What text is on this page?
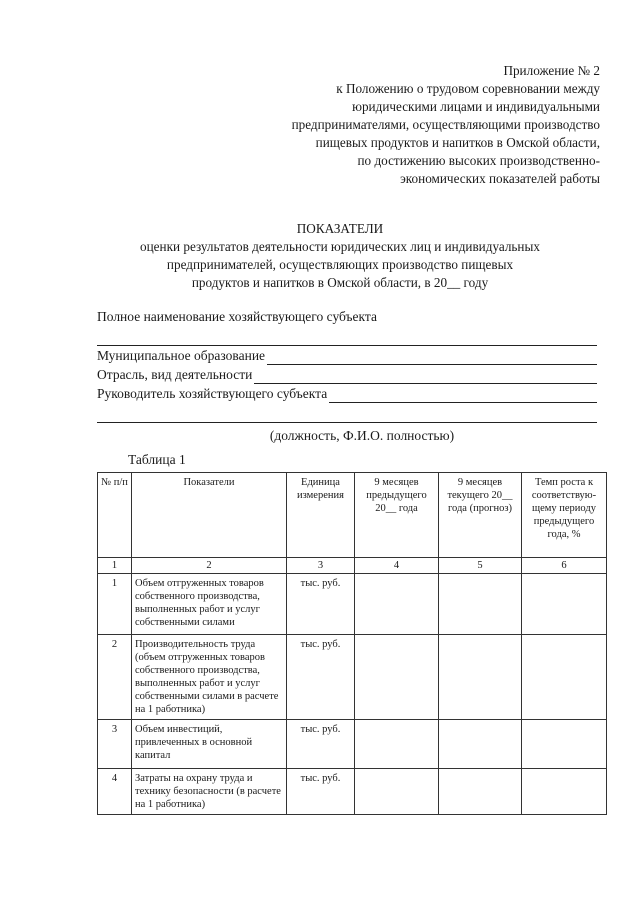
Приложение № 2
к Положению о трудовом соревновании между
юридическими лицами и индивидуальными
предпринимателями, осуществляющими производство
пищевых продуктов и напитков в Омской области,
по достижению высоких производственно-
экономических показателей работы
ПОКАЗАТЕЛИ
оценки результатов деятельности юридических лиц и индивидуальных
предпринимателей, осуществляющих производство пищевых
продуктов и напитков в Омской области, в 20__ году
Полное наименование хозяйствующего субъекта
Муниципальное образование
Отрасль, вид деятельности
Руководитель хозяйствующего субъекта
(должность, Ф.И.О. полностью)
Таблица 1
№ п/п	Показатели	Единица измерения	9 месяцев предыдущего 20__ года	9 месяцев текущего 20__ года (прогноз)	Темп роста к соответствую-щему периоду предыдущего года, %
1	2	3	4	5	6
1	Объем отгруженных товаров собственного производства, выполненных работ и услуг собственными силами	тыс. руб.			
2	Производительность труда (объем отгруженных товаров собственного производства, выполненных работ и услуг собственными силами в расчете на 1 работника)	тыс. руб.			
3	Объем инвестиций, привлеченных в основной капитал	тыс. руб.			
4	Затраты на охрану труда и технику безопасности (в расчете на 1 работника)	тыс. руб.			
